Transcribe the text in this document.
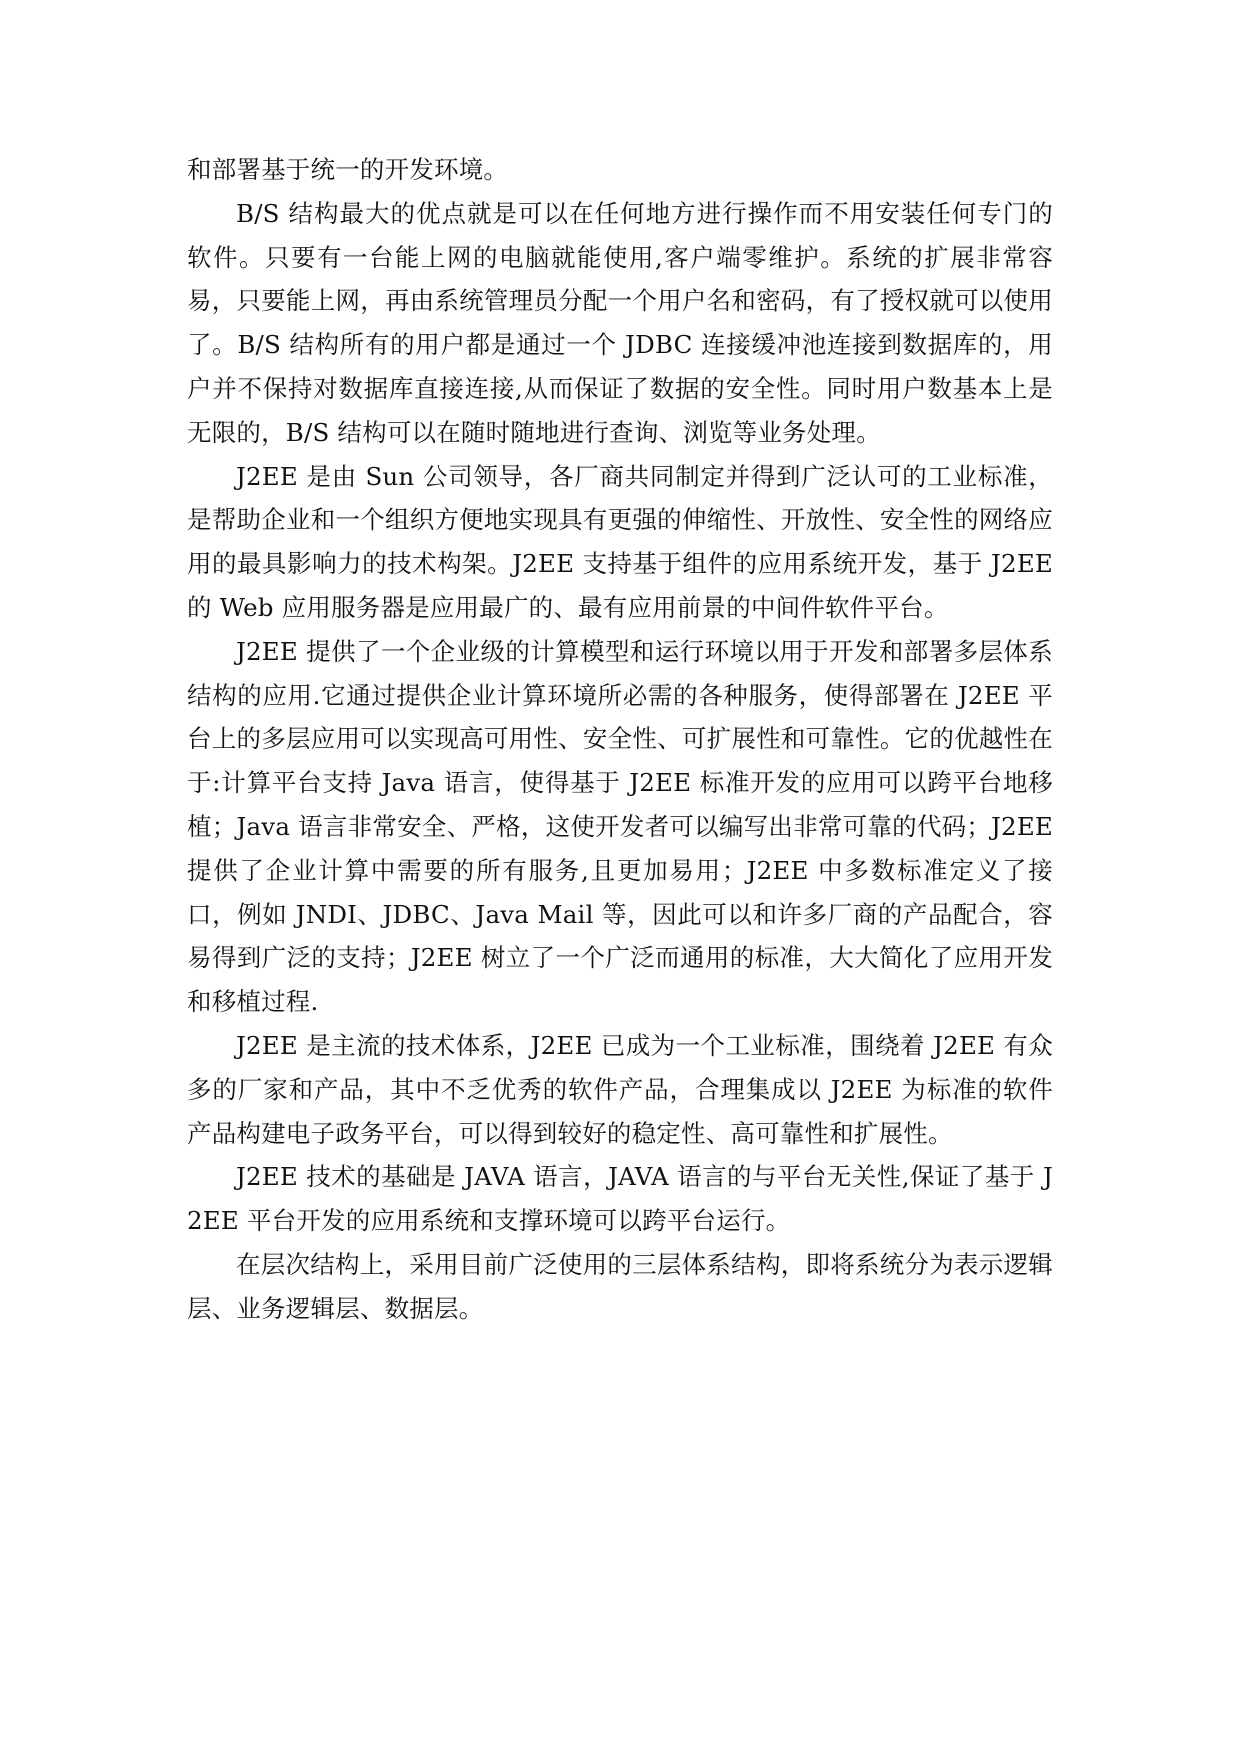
和部署基于统一的开发环境。

B/S 结构最大的优点就是可以在任何地方进行操作而不用安装任何专门的软件。只要有一台能上网的电脑就能使用,客户端零维护。系统的扩展非常容易，只要能上网，再由系统管理员分配一个用户名和密码，有了授权就可以使用了。B/S 结构所有的用户都是通过一个 JDBC 连接缓冲池连接到数据库的，用户并不保持对数据库直接连接,从而保证了数据的安全性。同时用户数基本上是无限的，B/S 结构可以在随时随地进行查询、浏览等业务处理。

J2EE 是由 Sun 公司领导，各厂商共同制定并得到广泛认可的工业标准，是帮助企业和一个组织方便地实现具有更强的伸缩性、开放性、安全性的网络应用的最具影响力的技术构架。J2EE 支持基于组件的应用系统开发，基于 J2EE 的 Web 应用服务器是应用最广的、最有应用前景的中间件软件平台。

J2EE 提供了一个企业级的计算模型和运行环境以用于开发和部署多层体系结构的应用.它通过提供企业计算环境所必需的各种服务，使得部署在 J2EE 平台上的多层应用可以实现高可用性、安全性、可扩展性和可靠性。它的优越性在于:计算平台支持 Java 语言，使得基于 J2EE 标准开发的应用可以跨平台地移植；Java 语言非常安全、严格，这使开发者可以编写出非常可靠的代码；J2EE 提供了企业计算中需要的所有服务,且更加易用；J2EE 中多数标准定义了接口，例如 JNDI、JDBC、Java Mail 等，因此可以和许多厂商的产品配合，容易得到广泛的支持；J2EE 树立了一个广泛而通用的标准，大大简化了应用开发和移植过程.

J2EE 是主流的技术体系，J2EE 已成为一个工业标准，围绕着 J2EE 有众多的厂家和产品，其中不乏优秀的软件产品，合理集成以 J2EE 为标准的软件产品构建电子政务平台，可以得到较好的稳定性、高可靠性和扩展性。

J2EE 技术的基础是 JAVA 语言，JAVA 语言的与平台无关性,保证了基于 J2EE 平台开发的应用系统和支撑环境可以跨平台运行。

在层次结构上，采用目前广泛使用的三层体系结构，即将系统分为表示逻辑层、业务逻辑层、数据层。
